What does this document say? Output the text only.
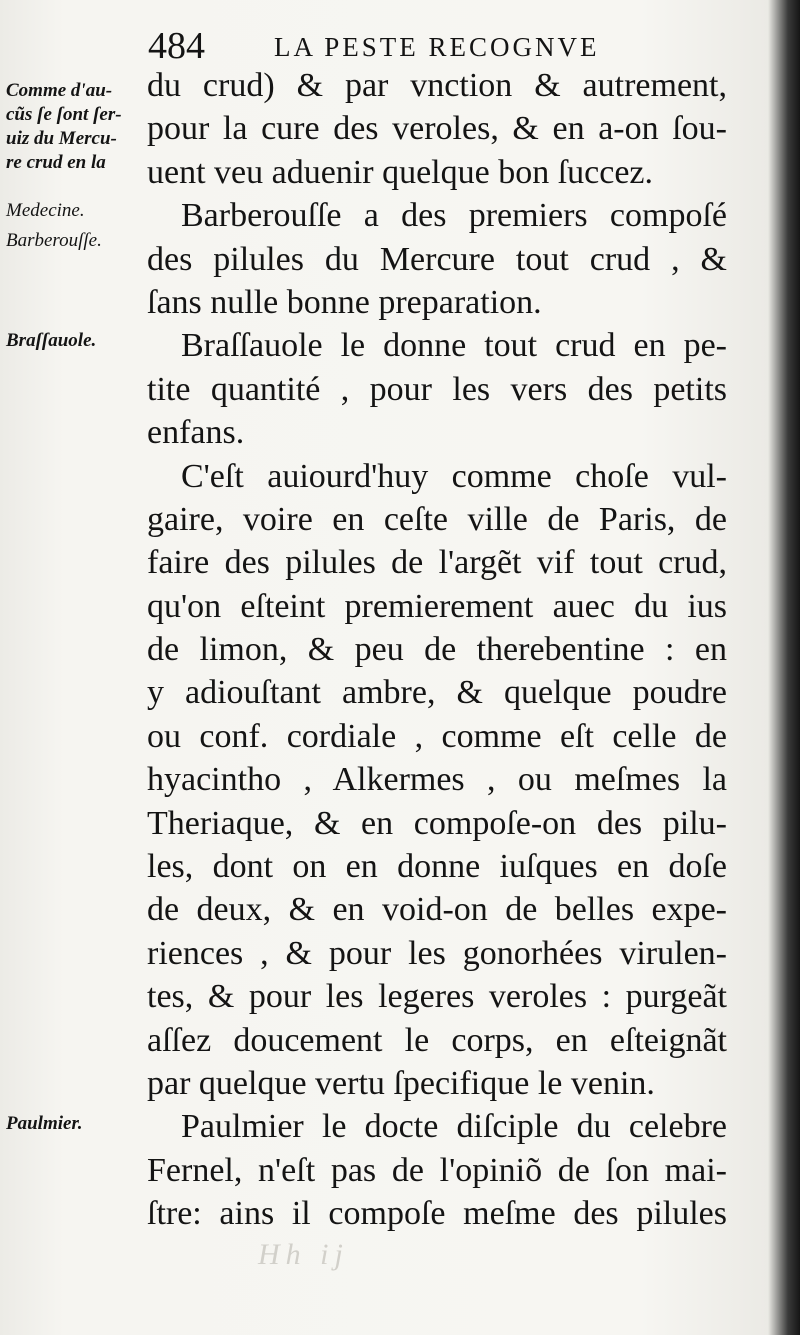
484	LA PESTE RECOGNVE
Comme d'au-
cũs ſe ſont ſer-
uiz du Mercu-
re crud en la
Medecine.
Barberouſſe.
Braſſauole.
Paulmier.
du crud) & par vnction & autrement,
pour la cure des veroles, & en a-on ſou-
uent veu aduenir quelque bon ſuccez.
Barberouſſe a des premiers compoſé
des pilules du Mercure tout crud , &
ſans nulle bonne preparation.
Braſſauole le donne tout crud en pe-
tite quantité , pour les vers des petits
enfans.
C'eſt auiourd'huy comme choſe vul-
gaire, voire en ceſte ville de Paris, de
faire des pilules de l'argẽt vif tout crud,
qu'on eſteint premierement auec du ius
de limon, & peu de therebentine : en
y adiouſtant ambre, & quelque poudre
ou conf. cordiale , comme eſt celle de
hyacintho , Alkermes , ou meſmes la
Theriaque, & en compoſe-on des pilu-
les, dont on en donne iuſques en doſe
de deux, & en void-on de belles expe-
riences , & pour les gonorhées virulen-
tes, & pour les legeres veroles : purgeãt
aſſez doucement le corps, en eſteignãt
par quelque vertu ſpecifique le venin.
Paulmier le docte diſciple du celebre
Fernel, n'eſt pas de l'opiniõ de ſon mai-
ſtre: ains il compoſe meſme des pilules
Hh ij
